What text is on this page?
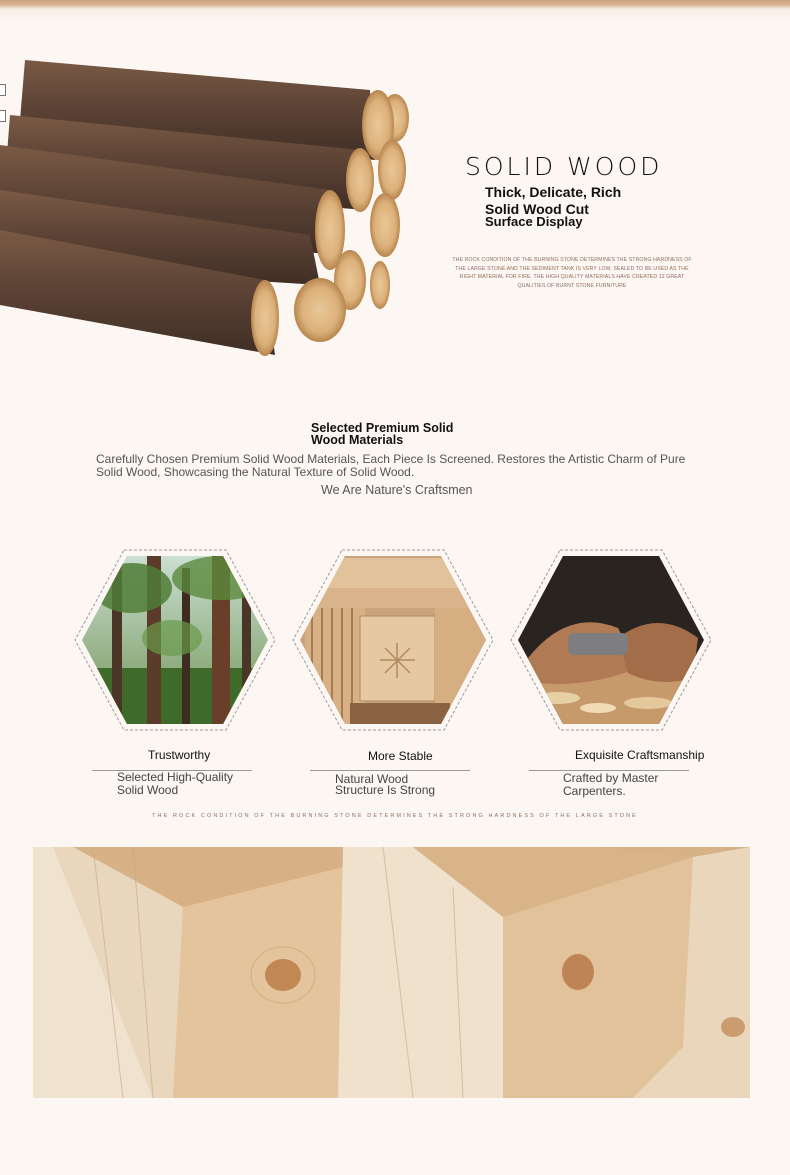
SOLID WOOD
Thick, Delicate, Rich
Solid Wood Cut
Surface Display
THE ROCK CONDITION OF THE BURNING STONE DETERMINES THE STRONG HARDNESS OF THE LARGE STONE AND THE SEDIMENT TANK IS VERY LOW, SEALED TO BE USED AS THE RIGHT MATERIAL FOR FIRE. THE HIGH QUALITY MATERIALS HAVE CREATED 12 GREAT QUALITIES OF BURNT STONE FURNITURE
Selected Premium Solid
Wood Materials
Carefully Chosen Premium Solid Wood Materials, Each Piece Is Screened. Restores the Artistic Charm of Pure Solid Wood, Showcasing the Natural Texture of Solid Wood.
We Are Nature's Craftsmen
Trustworthy
Selected High-Quality
Solid Wood
More Stable
Natural Wood
Structure Is Strong
Exquisite Craftsmanship
Crafted by Master
Carpenters.
THE ROCK CONDITION OF THE BURNING STONE DETERMINES THE STRONG HARDNESS OF THE LARGE STONE
